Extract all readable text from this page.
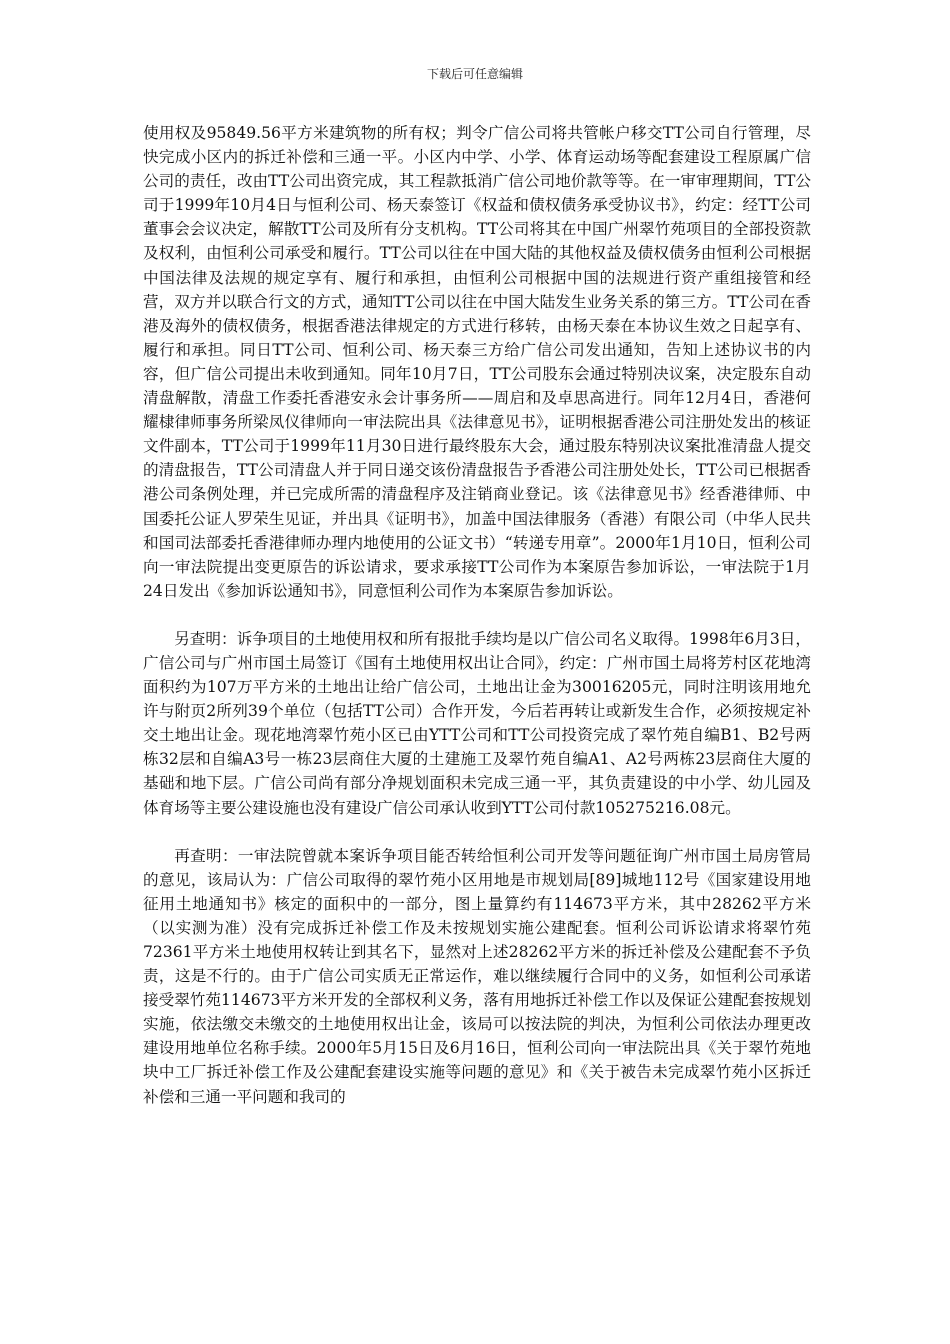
下载后可任意编辑

使用权及95849.56平方米建筑物的所有权；判令广信公司将共管帐户移交TT公司自行管理，尽快完成小区内的拆迁补偿和三通一平。小区内中学、小学、体育运动场等配套建设工程原属广信公司的责任，改由TT公司出资完成，其工程款抵消广信公司地价款等等。在一审审理期间，TT公司于1999年10月4日与恒利公司、杨天泰签订《权益和债权债务承受协议书》，约定：经TT公司董事会会议决定，解散TT公司及所有分支机构。TT公司将其在中国广州翠竹苑项目的全部投资款及权利，由恒利公司承受和履行。TT公司以往在中国大陆的其他权益及债权债务由恒利公司根据中国法律及法规的规定享有、履行和承担，由恒利公司根据中国的法规进行资产重组接管和经营，双方并以联合行文的方式，通知TT公司以往在中国大陆发生业务关系的第三方。TT公司在香港及海外的债权债务，根据香港法律规定的方式进行移转，由杨天泰在本协议生效之日起享有、履行和承担。同日TT公司、恒利公司、杨天泰三方给广信公司发出通知，告知上述协议书的内容，但广信公司提出未收到通知。同年10月7日，TT公司股东会通过特别决议案，决定股东自动清盘解散，清盘工作委托香港安永会计事务所——周启和及卓思高进行。同年12月4日，香港何耀棣律师事务所梁凤仪律师向一审法院出具《法律意见书》，证明根据香港公司注册处发出的核证文件副本，TT公司于1999年11月30日进行最终股东大会，通过股东特别决议案批准清盘人提交的清盘报告，TT公司清盘人并于同日递交该份清盘报告予香港公司注册处处长，TT公司已根据香港公司条例处理，并已完成所需的清盘程序及注销商业登记。该《法律意见书》经香港律师、中国委托公证人罗荣生见证，并出具《证明书》，加盖中国法律服务（香港）有限公司（中华人民共和国司法部委托香港律师办理内地使用的公证文书）“转递专用章”。2000年1月10日，恒利公司向一审法院提出变更原告的诉讼请求，要求承接TT公司作为本案原告参加诉讼，一审法院于1月24日发出《参加诉讼通知书》，同意恒利公司作为本案原告参加诉讼。

另查明：诉争项目的土地使用权和所有报批手续均是以广信公司名义取得。1998年6月3日，广信公司与广州市国土局签订《国有土地使用权出让合同》，约定：广州市国土局将芳村区花地湾面积约为107万平方米的土地出让给广信公司，土地出让金为30016205元，同时注明该用地允许与附页2所列39个单位（包括TT公司）合作开发，今后若再转让或新发生合作，必须按规定补交土地出让金。现花地湾翠竹苑小区已由YTT公司和TT公司投资完成了翠竹苑自编B1、B2号两栋32层和自编A3号一栋23层商住大厦的土建施工及翠竹苑自编A1、A2号两栋23层商住大厦的基础和地下层。广信公司尚有部分净规划面积未完成三通一平，其负责建设的中小学、幼儿园及体育场等主要公建设施也没有建设广信公司承认收到YTT公司付款105275216.08元。

再查明：一审法院曾就本案诉争项目能否转给恒利公司开发等问题征询广州市国土局房管局的意见，该局认为：广信公司取得的翠竹苑小区用地是市规划局[89]城地112号《国家建设用地征用土地通知书》核定的面积中的一部分，图上量算约有114673平方米，其中28262平方米（以实测为准）没有完成拆迁补偿工作及未按规划实施公建配套。恒利公司诉讼请求将翠竹苑72361平方米土地使用权转让到其名下，显然对上述28262平方米的拆迁补偿及公建配套不予负责，这是不行的。由于广信公司实质无正常运作，难以继续履行合同中的义务，如恒利公司承诺接受翠竹苑114673平方米开发的全部权利义务，落有用地拆迁补偿工作以及保证公建配套按规划实施，依法缴交未缴交的土地使用权出让金，该局可以按法院的判决，为恒利公司依法办理更改建设用地单位名称手续。2000年5月15日及6月16日，恒利公司向一审法院出具《关于翠竹苑地块中工厂拆迁补偿工作及公建配套建设实施等问题的意见》和《关于被告未完成翠竹苑小区拆迁补偿和三通一平问题和我司的
